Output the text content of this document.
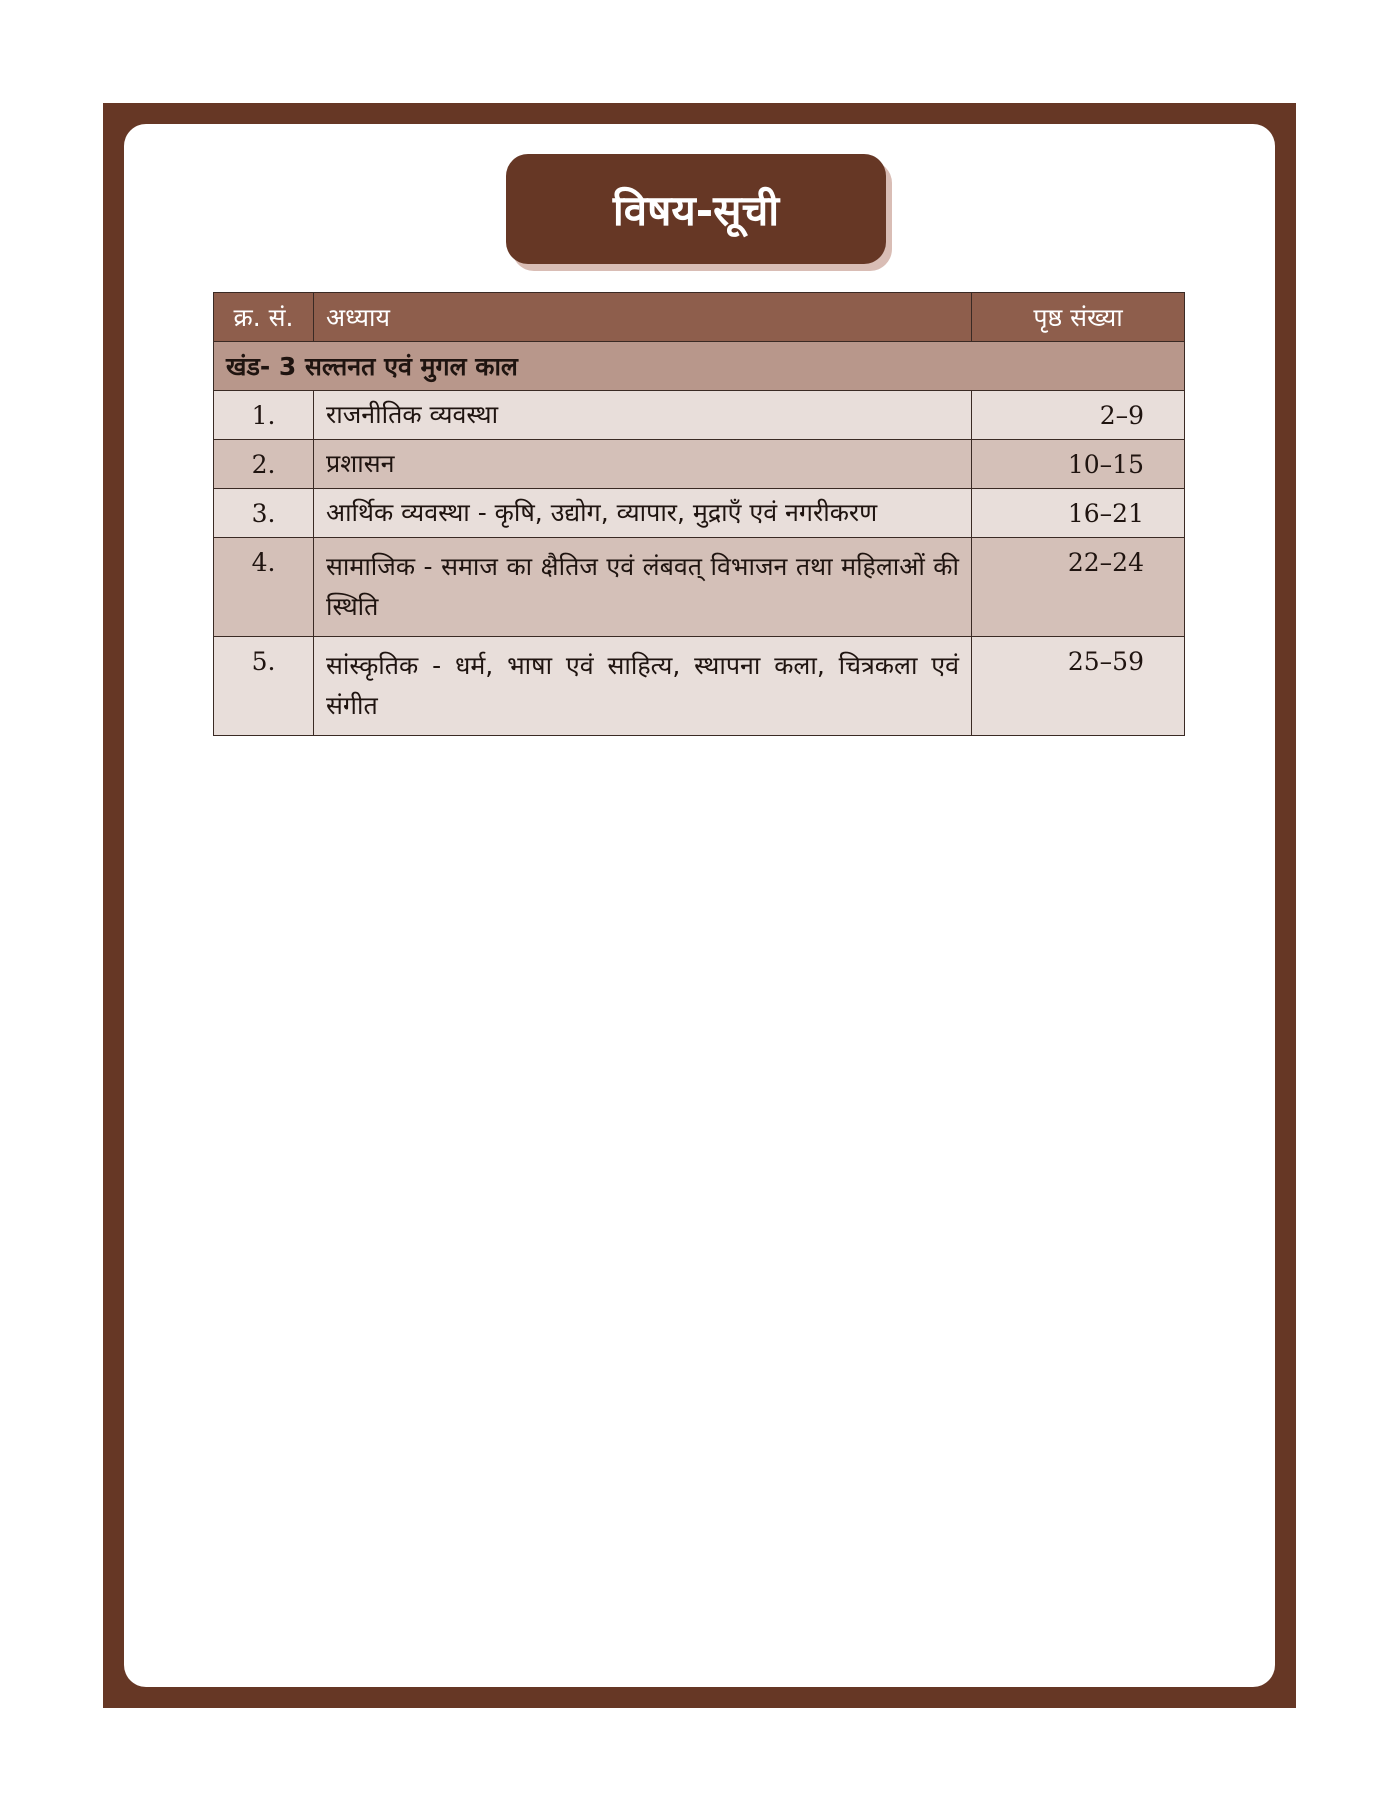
विषय-सूची
क्र. सं.	अध्याय	पृष्ठ संख्या
खंड- 3 सल्तनत एवं मुगल काल		
1.	राजनीतिक व्यवस्था	2–9
2.	प्रशासन	10–15
3.	आर्थिक व्यवस्था - कृषि, उद्योग, व्यापार, मुद्राएँ एवं नगरीकरण	16–21
4.	सामाजिक - समाज का क्षैतिज एवं लंबवत् विभाजन तथा महिलाओं की स्थिति	22–24
5.	सांस्कृतिक - धर्म, भाषा एवं साहित्य, स्थापना कला, चित्रकला एवं संगीत	25–59
